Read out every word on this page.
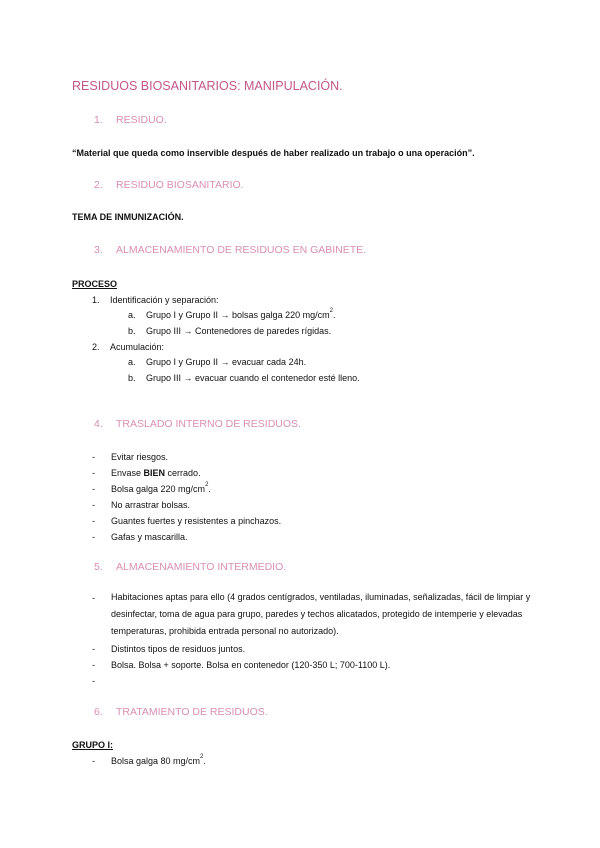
RESIDUOS BIOSANITARIOS: MANIPULACIÓN.
1. RESIDUO.
“Material que queda como inservible después de haber realizado un trabajo o una operación”.
2. RESIDUO BIOSANITARIO.
TEMA DE INMUNIZACIÓN.
3. ALMACENAMIENTO DE RESIDUOS EN GABINETE.
PROCESO
1. Identificación y separación:
a. Grupo I y Grupo II → bolsas galga 220 $mg/cm^2$.
b. Grupo III → Contenedores de paredes rígidas.
2. Acumulación:
a. Grupo I y Grupo II → evacuar cada 24h.
b. Grupo III → evacuar cuando el contenedor esté lleno.
4. TRASLADO INTERNO DE RESIDUOS.
- Evitar riesgos.
- Envase BIEN cerrado.
- Bolsa galga 220 $mg/cm^2$.
- No arrastrar bolsas.
- Guantes fuertes y resistentes a pinchazos.
- Gafas y mascarilla.
5. ALMACENAMIENTO INTERMEDIO.
- Habitaciones aptas para ello (4 grados centígrados, ventiladas, iluminadas, señalizadas, fácil de limpiar y desinfectar, toma de agua para grupo, paredes y techos alicatados, protegido de intemperie y elevadas temperaturas, prohibida entrada personal no autorizado).
- Distintos tipos de residuos juntos.
- Bolsa. Bolsa + soporte. Bolsa en contenedor (120-350 L; 700-1100 L).
-
6. TRATAMIENTO DE RESIDUOS.
GRUPO I:
- Bolsa galga 80 $mg/cm^2$.
